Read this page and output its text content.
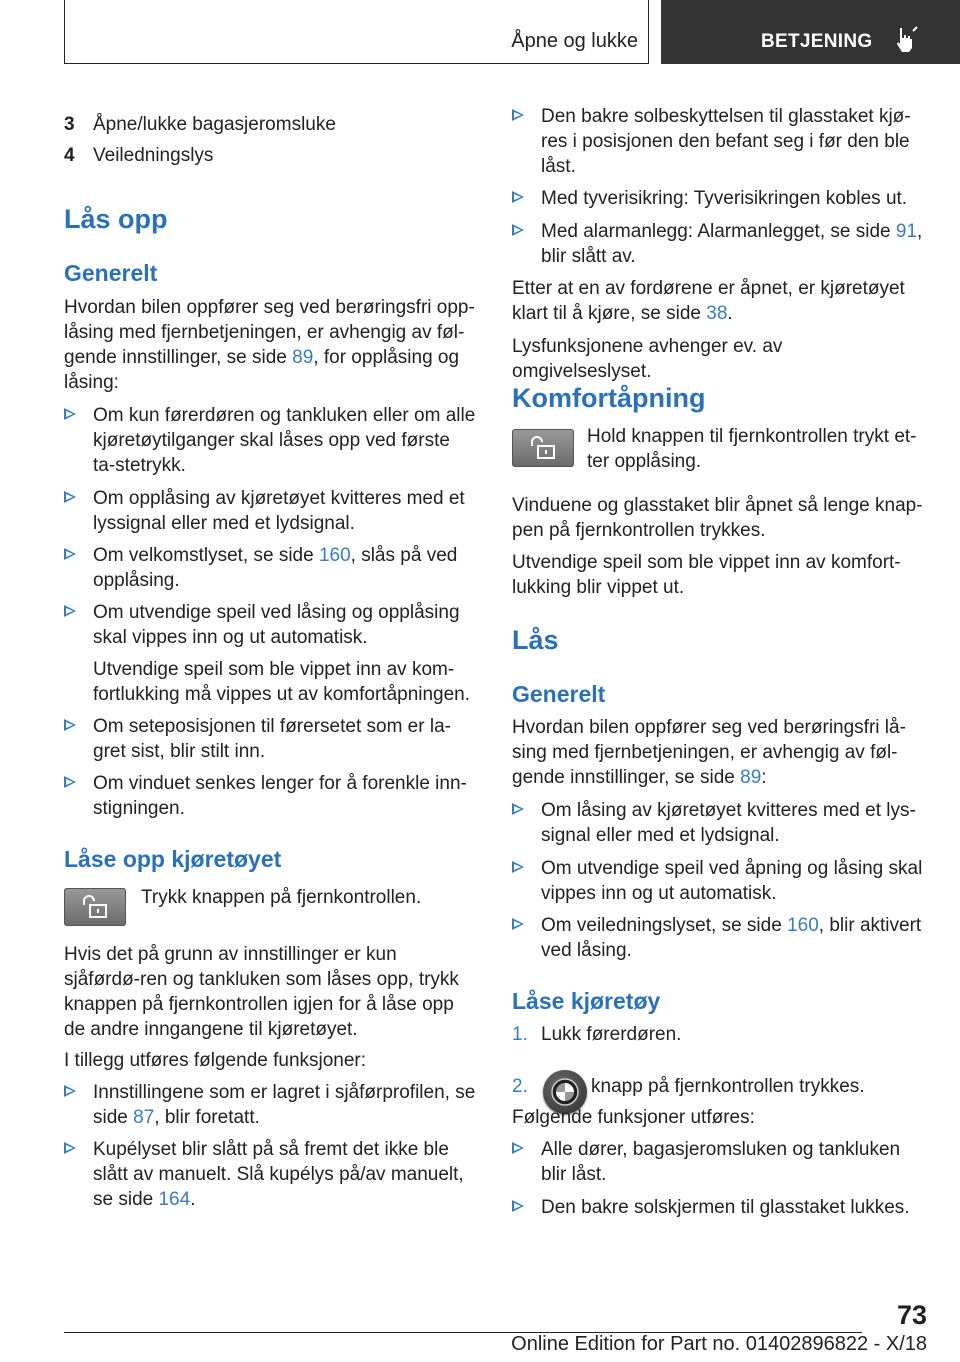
Åpne og lukke	BETJENING
3 Åpne/lukke bagasjeromsluke
4 Veiledningslys
Lås opp
Generelt
Hvordan bilen oppfører seg ved berøringsfri opp‐låsing med fjernbetjeningen, er avhengig av føl‐gende innstillinger, se side 89, for opplåsing og låsing:
Om kun førerdøren og tankluken eller om alle kjøretøytilganger skal låses opp ved første ta‐stetrykk.
Om opplåsing av kjøretøyet kvitteres med et lyssignal eller med et lydsignal.
Om velkomstlyset, se side 160, slås på ved opplåsing.
Om utvendige speil ved låsing og opplåsing skal vippes inn og ut automatisk.
Utvendige speil som ble vippet inn av kom‐fortlukking må vippes ut av komfortåpningen.
Om seteposisjonen til førersetet som er la‐gret sist, blir stilt inn.
Om vinduet senkes lenger for å forenkle inn‐stigningen.
Låse opp kjøretøyet
Trykk knappen på fjernkontrollen.
Hvis det på grunn av innstillinger er kun sjåførdø‐ren og tankluken som låses opp, trykk knappen på fjernkontrollen igjen for å låse opp de andre inngangene til kjøretøyet.
I tillegg utføres følgende funksjoner:
Innstillingene som er lagret i sjåførprofilen, se side 87, blir foretatt.
Kupélyset blir slått på så fremt det ikke ble slått av manuelt. Slå kupélys på/av manuelt, se side 164.
Den bakre solbeskyttelsen til glasstaket kjø‐res i posisjonen den befant seg i før den ble låst.
Med tyverisikring: Tyverisikringen kobles ut.
Med alarmanlegg: Alarmanlegget, se side 91, blir slått av.
Etter at en av fordørene er åpnet, er kjøretøyet klart til å kjøre, se side 38.
Lysfunksjonene avhenger ev. av omgivelseslyset.
Komfortåpning
Hold knappen til fjernkontrollen trykt et‐ter opplåsing.
Vinduene og glasstaket blir åpnet så lenge knap‐pen på fjernkontrollen trykkes.
Utvendige speil som ble vippet inn av komfort‐lukking blir vippet ut.
Lås
Generelt
Hvordan bilen oppfører seg ved berøringsfri lå‐sing med fjernbetjeningen, er avhengig av føl‐gende innstillinger, se side 89:
Om låsing av kjøretøyet kvitteres med et lys‐signal eller med et lydsignal.
Om utvendige speil ved åpning og låsing skal vippes inn og ut automatisk.
Om veiledningslyset, se side 160, blir aktivert ved låsing.
Låse kjøretøy
1. Lukk førerdøren.
2.	knapp på fjernkontrollen trykkes.
Følgende funksjoner utføres:
Alle dører, bagasjeromsluken og tankluken blir låst.
Den bakre solskjermen til glasstaket lukkes.
73
Online Edition for Part no. 01402896822 - X/18
